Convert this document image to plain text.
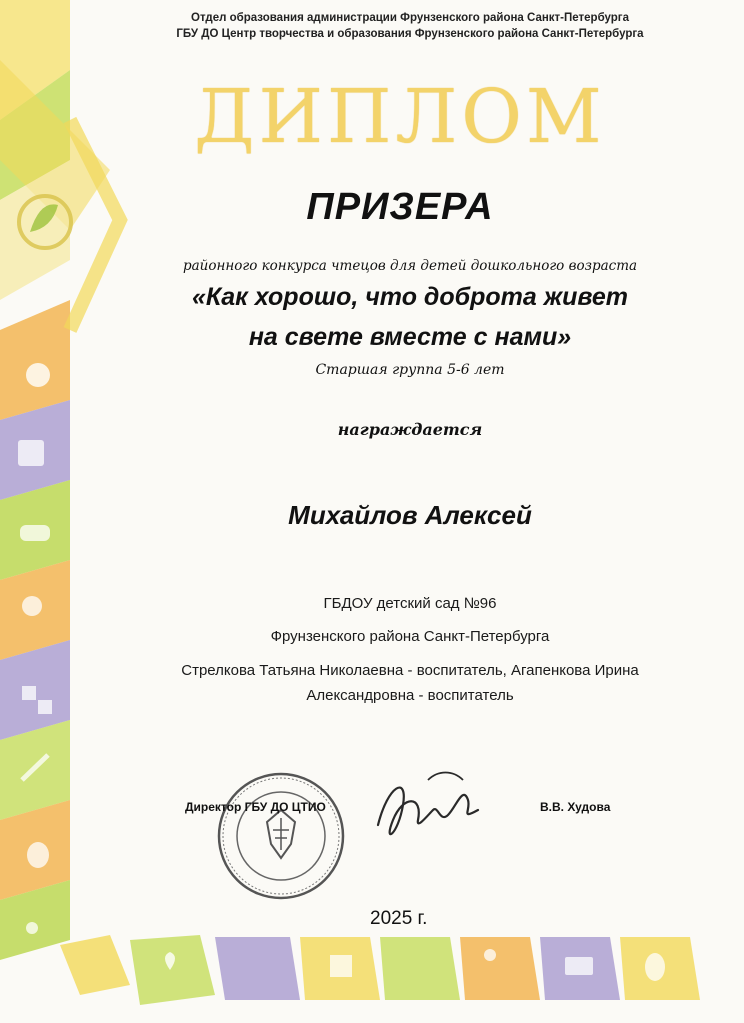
Отдел образования администрации Фрунзенского района Санкт-Петербурга
ГБУ ДО Центр творчества и образования Фрунзенского района Санкт-Петербурга
ДИПЛОМ
ПРИЗЕРА
районного конкурса чтецов для детей дошкольного возраста
«Как хорошо, что доброта живет
на свете вместе с нами»
Старшая группа 5-6 лет
награждается
Михайлов Алексей
ГБДОУ детский сад №96
Фрунзенского района Санкт-Петербурга
Стрелкова Татьяна Николаевна - воспитатель, Агапенкова Ирина
Александровна - воспитатель
Директор ГБУ ДО ЦТИО	В.В. Худова
2025 г.
